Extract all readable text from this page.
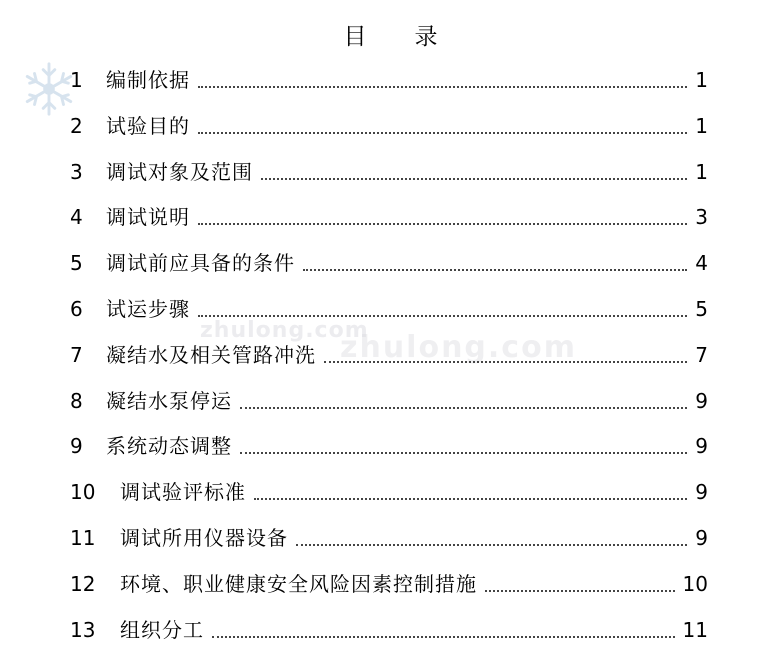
zhulong.com
zhulong.com
目 录
1	编制依据	1
2	试验目的	1
3	调试对象及范围	1
4	调试说明	3
5	调试前应具备的条件	4
6	试运步骤	5
7	凝结水及相关管路冲洗	7
8	凝结水泵停运	9
9	系统动态调整	9
10	调试验评标准	9
11	调试所用仪器设备	9
12	环境、职业健康安全风险因素控制措施	10
13	组织分工	11
